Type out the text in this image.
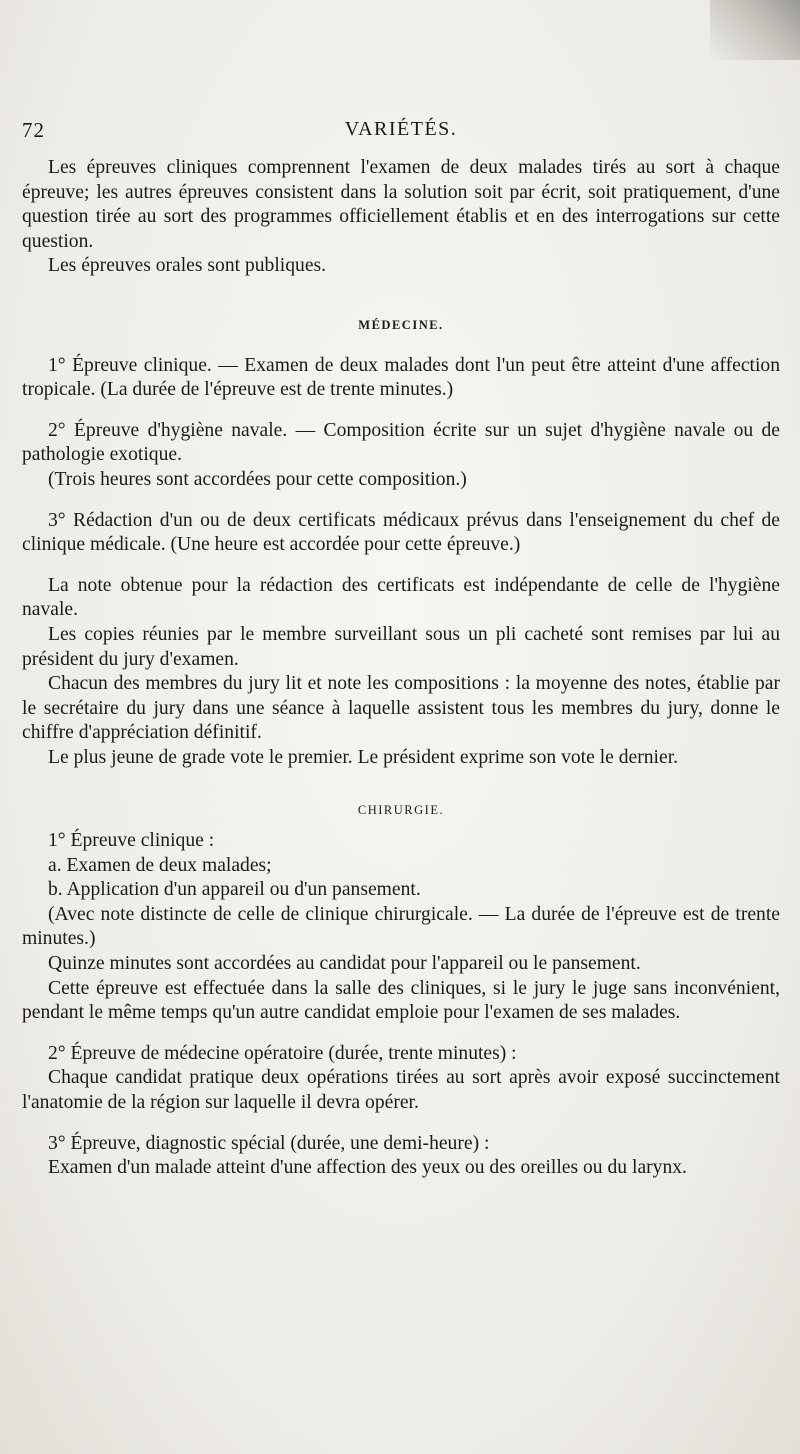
72	VARIÉTÉS.

Les épreuves cliniques comprennent l'examen de deux malades tirés au sort à chaque épreuve; les autres épreuves consistent dans la solution soit par écrit, soit pratiquement, d'une question tirée au sort des programmes officiellement établis et en des interrogations sur cette question.

Les épreuves orales sont publiques.

MÉDECINE.

1° Épreuve clinique. — Examen de deux malades dont l'un peut être atteint d'une affection tropicale. (La durée de l'épreuve est de trente minutes.)

2° Épreuve d'hygiène navale. — Composition écrite sur un sujet d'hygiène navale ou de pathologie exotique.

(Trois heures sont accordées pour cette composition.)

3° Rédaction d'un ou de deux certificats médicaux prévus dans l'enseignement du chef de clinique médicale. (Une heure est accordée pour cette épreuve.)

La note obtenue pour la rédaction des certificats est indépendante de celle de l'hygiène navale.

Les copies réunies par le membre surveillant sous un pli cacheté sont remises par lui au président du jury d'examen.

Chacun des membres du jury lit et note les compositions : la moyenne des notes, établie par le secrétaire du jury dans une séance à laquelle assistent tous les membres du jury, donne le chiffre d'appréciation définitif.

Le plus jeune de grade vote le premier. Le président exprime son vote le dernier.

CHIRURGIE.

1° Épreuve clinique :

a. Examen de deux malades;

b. Application d'un appareil ou d'un pansement.

(Avec note distincte de celle de clinique chirurgicale. — La durée de l'épreuve est de trente minutes.)

Quinze minutes sont accordées au candidat pour l'appareil ou le pansement.

Cette épreuve est effectuée dans la salle des cliniques, si le jury le juge sans inconvénient, pendant le même temps qu'un autre candidat emploie pour l'examen de ses malades.

2° Épreuve de médecine opératoire (durée, trente minutes) :

Chaque candidat pratique deux opérations tirées au sort après avoir exposé succinctement l'anatomie de la région sur laquelle il devra opérer.

3° Épreuve, diagnostic spécial (durée, une demi-heure) :

Examen d'un malade atteint d'une affection des yeux ou des oreilles ou du larynx.
